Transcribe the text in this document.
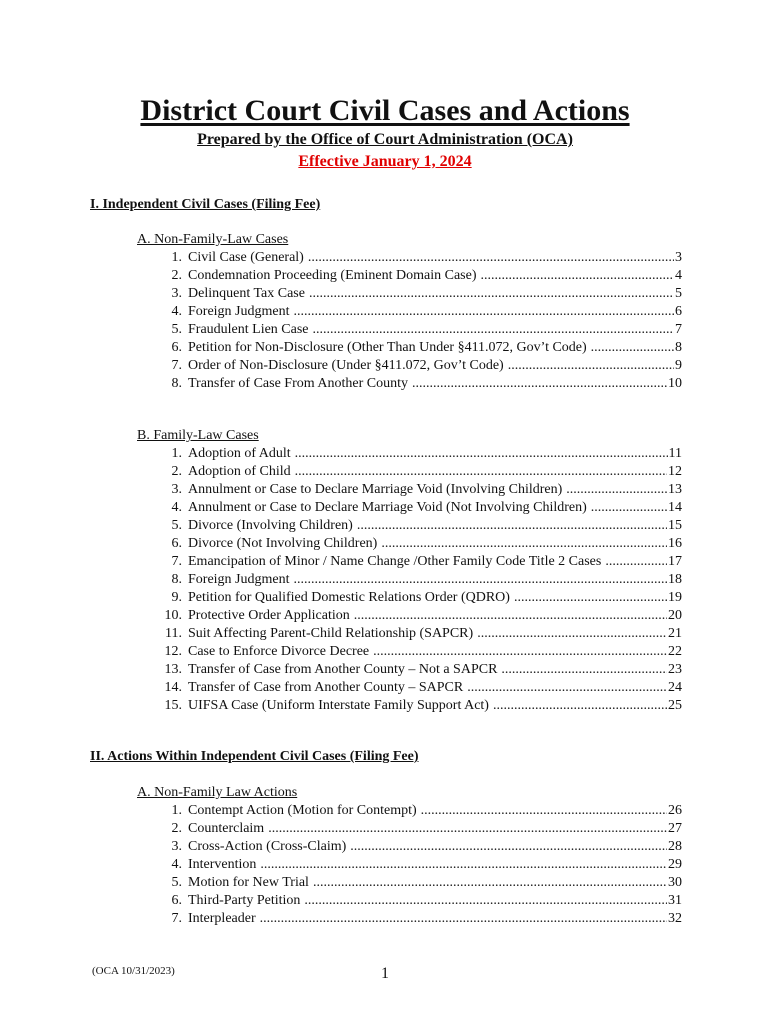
District Court Civil Cases and Actions
Prepared by the Office of Court Administration (OCA)
Effective January 1, 2024
I. Independent Civil Cases (Filing Fee)
A. Non-Family-Law Cases
1. Civil Case (General) .....	3
2. Condemnation Proceeding (Eminent Domain Case) .....	4
3. Delinquent Tax Case .....	5
4. Foreign Judgment .....	6
5. Fraudulent Lien Case .....	7
6. Petition for Non-Disclosure (Other Than Under §411.072, Gov’t Code) .....	8
7. Order of Non-Disclosure (Under §411.072, Gov’t Code) .....	9
8. Transfer of Case From Another County .....	10
B. Family-Law Cases
1. Adoption of Adult .....	11
2. Adoption of Child .....	12
3. Annulment or Case to Declare Marriage Void (Involving Children) .....	13
4. Annulment or Case to Declare Marriage Void (Not Involving Children) .....	14
5. Divorce (Involving Children) .....	15
6. Divorce (Not Involving Children) .....	16
7. Emancipation of Minor / Name Change /Other Family Code Title 2 Cases .....	17
8. Foreign Judgment .....	18
9. Petition for Qualified Domestic Relations Order (QDRO) .....	19
10. Protective Order Application .....	20
11. Suit Affecting Parent-Child Relationship (SAPCR) .....	21
12. Case to Enforce Divorce Decree .....	22
13. Transfer of Case from Another County – Not a SAPCR .....	23
14. Transfer of Case from Another County – SAPCR .....	24
15. UIFSA Case (Uniform Interstate Family Support Act) .....	25
II. Actions Within Independent Civil Cases (Filing Fee)
A. Non-Family Law Actions
1. Contempt Action (Motion for Contempt) .....	26
2. Counterclaim .....	27
3. Cross-Action (Cross-Claim) .....	28
4. Intervention .....	29
5. Motion for New Trial .....	30
6. Third-Party Petition .....	31
7. Interpleader .....	32
(OCA 10/31/2023)	1
